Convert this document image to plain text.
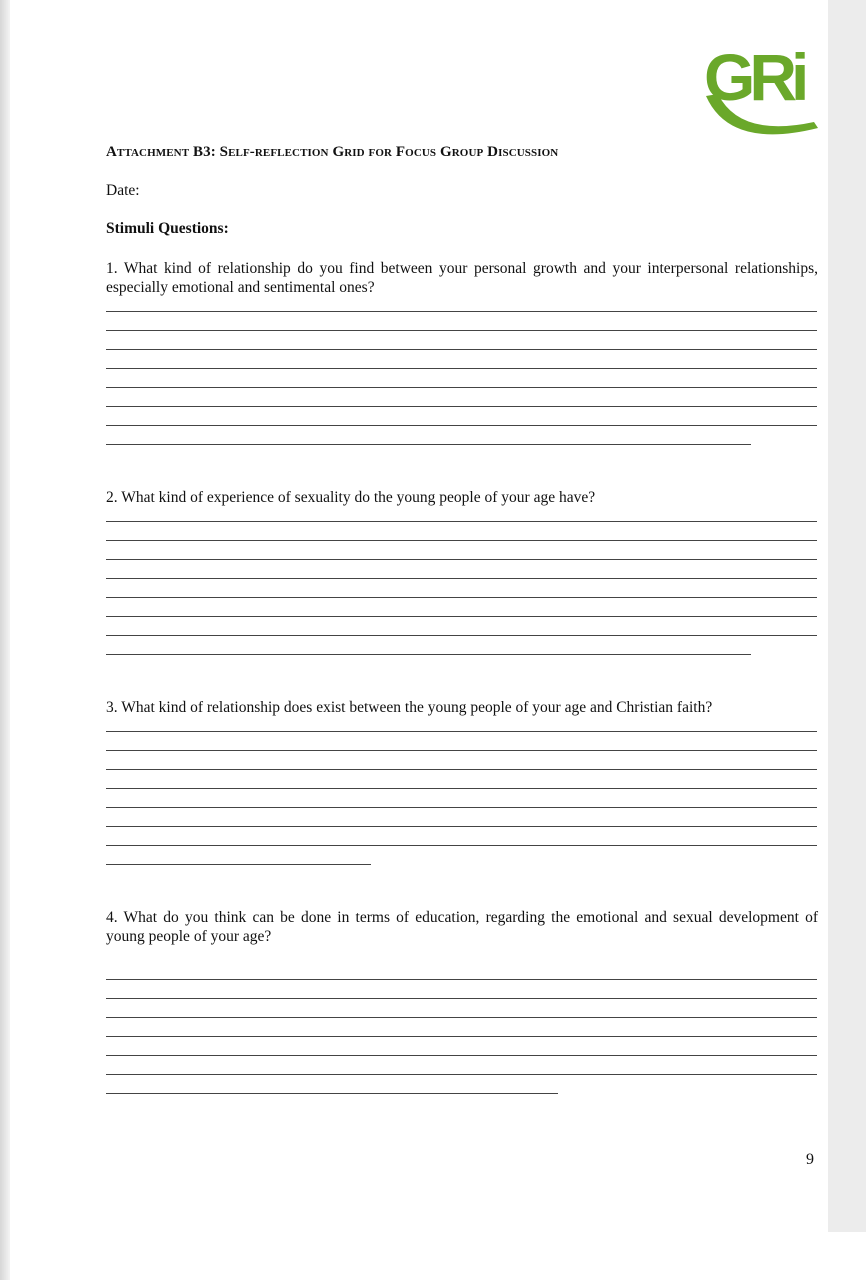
GRi
Attachment B3: Self-reflection Grid for Focus Group Discussion
Date:
Stimuli Questions:
1. What kind of relationship do you find between your personal growth and your interpersonal relationships, especially emotional and sentimental ones?
2. What kind of experience of sexuality do the young people of your age have?
3. What kind of relationship does exist between the young people of your age and Christian faith?
4. What do you think can be done in terms of education, regarding the emotional and sexual development of young people of your age?
9
